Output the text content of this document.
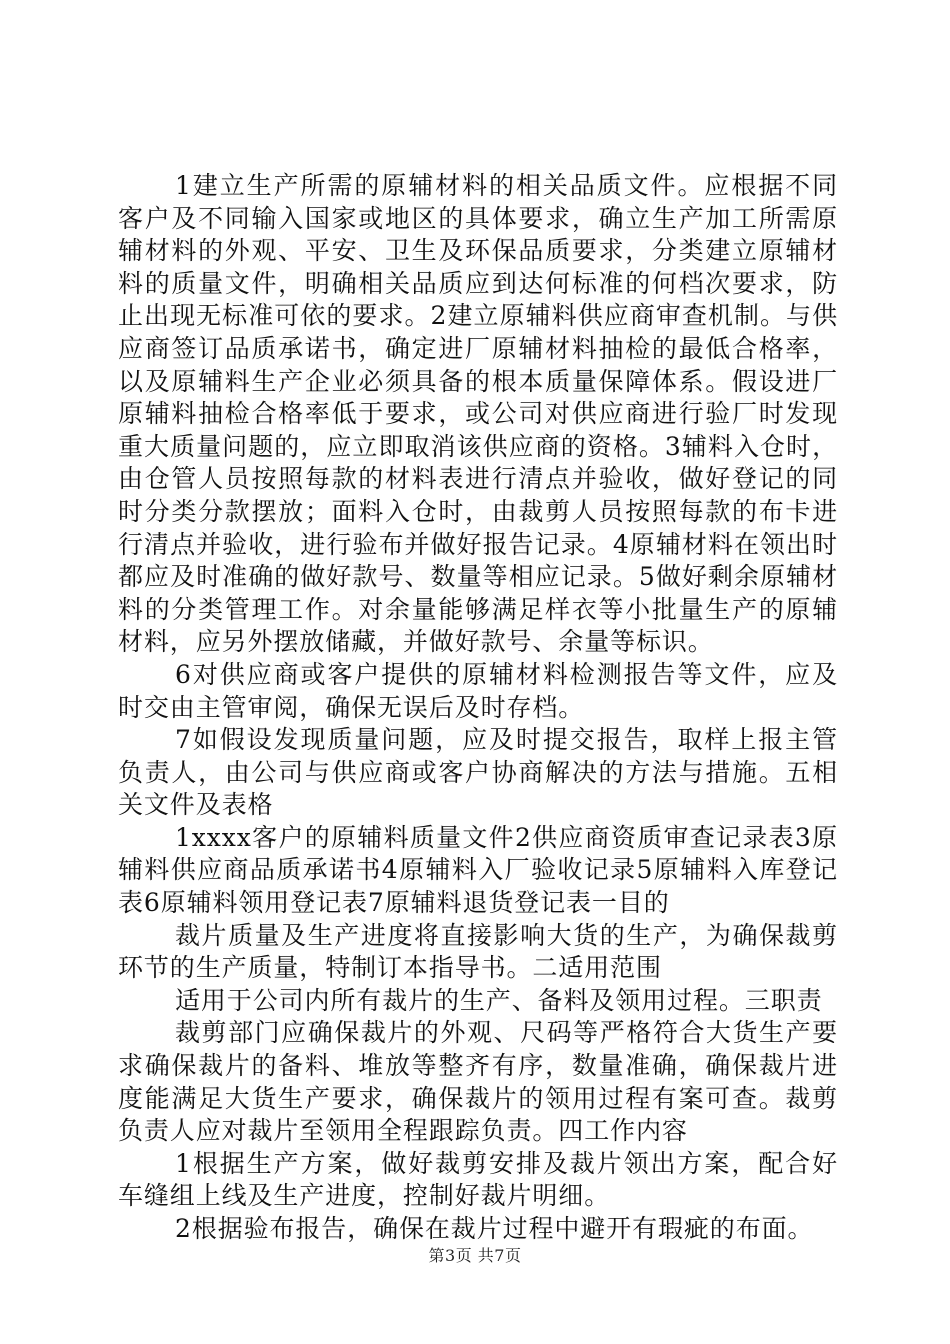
1建立生产所需的原辅材料的相关品质文件。应根据不同客户及不同输入国家或地区的具体要求，确立生产加工所需原辅材料的外观、平安、卫生及环保品质要求，分类建立原辅材料的质量文件，明确相关品质应到达何标准的何档次要求，防止出现无标准可依的要求。2建立原辅料供应商审查机制。与供应商签订品质承诺书，确定进厂原辅材料抽检的最低合格率，以及原辅料生产企业必须具备的根本质量保障体系。假设进厂原辅料抽检合格率低于要求，或公司对供应商进行验厂时发现重大质量问题的，应立即取消该供应商的资格。3辅料入仓时，由仓管人员按照每款的材料表进行清点并验收，做好登记的同时分类分款摆放；面料入仓时，由裁剪人员按照每款的布卡进行清点并验收，进行验布并做好报告记录。4原辅材料在领出时都应及时准确的做好款号、数量等相应记录。5做好剩余原辅材料的分类管理工作。对余量能够满足样衣等小批量生产的原辅材料，应另外摆放储藏，并做好款号、余量等标识。

6对供应商或客户提供的原辅材料检测报告等文件，应及时交由主管审阅，确保无误后及时存档。

7如假设发现质量问题，应及时提交报告，取样上报主管负责人，由公司与供应商或客户协商解决的方法与措施。五相关文件及表格

1xxxx客户的原辅料质量文件2供应商资质审查记录表3原辅料供应商品质承诺书4原辅料入厂验收记录5原辅料入库登记表6原辅料领用登记表7原辅料退货登记表一目的

裁片质量及生产进度将直接影响大货的生产，为确保裁剪环节的生产质量，特制订本指导书。二适用范围

适用于公司内所有裁片的生产、备料及领用过程。三职责

裁剪部门应确保裁片的外观、尺码等严格符合大货生产要求确保裁片的备料、堆放等整齐有序，数量准确，确保裁片进度能满足大货生产要求，确保裁片的领用过程有案可查。裁剪负责人应对裁片至领用全程跟踪负责。四工作内容

1根据生产方案，做好裁剪安排及裁片领出方案，配合好车缝组上线及生产进度，控制好裁片明细。

2根据验布报告，确保在裁片过程中避开有瑕疵的布面。

第3页 共7页
